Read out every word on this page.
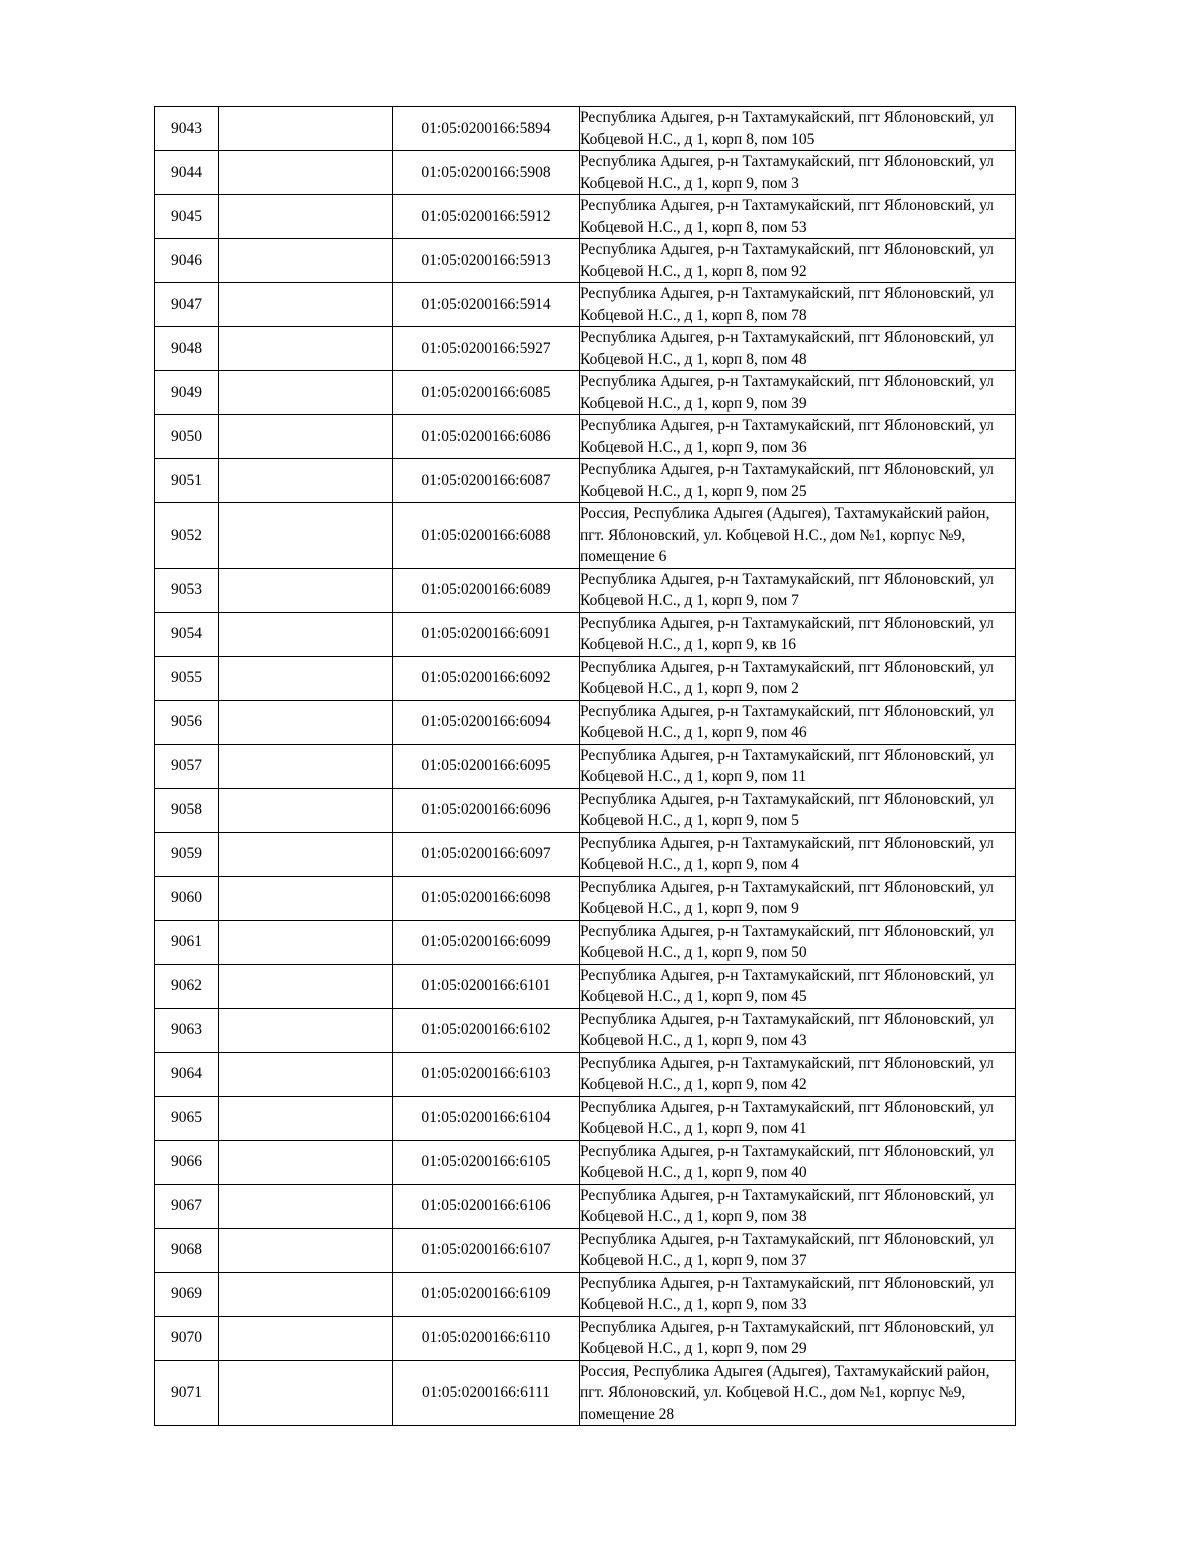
9043		01:05:0200166:5894	Республика Адыгея, р-н Тахтамукайский, пгт Яблоновский, ул Кобцевой Н.С., д 1, корп 8, пом 105
9044		01:05:0200166:5908	Республика Адыгея, р-н Тахтамукайский, пгт Яблоновский, ул Кобцевой Н.С., д 1, корп 9, пом 3
9045		01:05:0200166:5912	Республика Адыгея, р-н Тахтамукайский, пгт Яблоновский, ул Кобцевой Н.С., д 1, корп 8, пом 53
9046		01:05:0200166:5913	Республика Адыгея, р-н Тахтамукайский, пгт Яблоновский, ул Кобцевой Н.С., д 1, корп 8, пом 92
9047		01:05:0200166:5914	Республика Адыгея, р-н Тахтамукайский, пгт Яблоновский, ул Кобцевой Н.С., д 1, корп 8, пом 78
9048		01:05:0200166:5927	Республика Адыгея, р-н Тахтамукайский, пгт Яблоновский, ул Кобцевой Н.С., д 1, корп 8, пом 48
9049		01:05:0200166:6085	Республика Адыгея, р-н Тахтамукайский, пгт Яблоновский, ул Кобцевой Н.С., д 1, корп 9, пом 39
9050		01:05:0200166:6086	Республика Адыгея, р-н Тахтамукайский, пгт Яблоновский, ул Кобцевой Н.С., д 1, корп 9, пом 36
9051		01:05:0200166:6087	Республика Адыгея, р-н Тахтамукайский, пгт Яблоновский, ул Кобцевой Н.С., д 1, корп 9, пом 25
9052		01:05:0200166:6088	Россия, Республика Адыгея (Адыгея), Тахтамукайский район, пгт. Яблоновский, ул. Кобцевой Н.С., дом №1, корпус №9, помещение 6
9053		01:05:0200166:6089	Республика Адыгея, р-н Тахтамукайский, пгт Яблоновский, ул Кобцевой Н.С., д 1, корп 9, пом 7
9054		01:05:0200166:6091	Республика Адыгея, р-н Тахтамукайский, пгт Яблоновский, ул Кобцевой Н.С., д 1, корп 9, кв 16
9055		01:05:0200166:6092	Республика Адыгея, р-н Тахтамукайский, пгт Яблоновский, ул Кобцевой Н.С., д 1, корп 9, пом 2
9056		01:05:0200166:6094	Республика Адыгея, р-н Тахтамукайский, пгт Яблоновский, ул Кобцевой Н.С., д 1, корп 9, пом 46
9057		01:05:0200166:6095	Республика Адыгея, р-н Тахтамукайский, пгт Яблоновский, ул Кобцевой Н.С., д 1, корп 9, пом 11
9058		01:05:0200166:6096	Республика Адыгея, р-н Тахтамукайский, пгт Яблоновский, ул Кобцевой Н.С., д 1, корп 9, пом 5
9059		01:05:0200166:6097	Республика Адыгея, р-н Тахтамукайский, пгт Яблоновский, ул Кобцевой Н.С., д 1, корп 9, пом 4
9060		01:05:0200166:6098	Республика Адыгея, р-н Тахтамукайский, пгт Яблоновский, ул Кобцевой Н.С., д 1, корп 9, пом 9
9061		01:05:0200166:6099	Республика Адыгея, р-н Тахтамукайский, пгт Яблоновский, ул Кобцевой Н.С., д 1, корп 9, пом 50
9062		01:05:0200166:6101	Республика Адыгея, р-н Тахтамукайский, пгт Яблоновский, ул Кобцевой Н.С., д 1, корп 9, пом 45
9063		01:05:0200166:6102	Республика Адыгея, р-н Тахтамукайский, пгт Яблоновский, ул Кобцевой Н.С., д 1, корп 9, пом 43
9064		01:05:0200166:6103	Республика Адыгея, р-н Тахтамукайский, пгт Яблоновский, ул Кобцевой Н.С., д 1, корп 9, пом 42
9065		01:05:0200166:6104	Республика Адыгея, р-н Тахтамукайский, пгт Яблоновский, ул Кобцевой Н.С., д 1, корп 9, пом 41
9066		01:05:0200166:6105	Республика Адыгея, р-н Тахтамукайский, пгт Яблоновский, ул Кобцевой Н.С., д 1, корп 9, пом 40
9067		01:05:0200166:6106	Республика Адыгея, р-н Тахтамукайский, пгт Яблоновский, ул Кобцевой Н.С., д 1, корп 9, пом 38
9068		01:05:0200166:6107	Республика Адыгея, р-н Тахтамукайский, пгт Яблоновский, ул Кобцевой Н.С., д 1, корп 9, пом 37
9069		01:05:0200166:6109	Республика Адыгея, р-н Тахтамукайский, пгт Яблоновский, ул Кобцевой Н.С., д 1, корп 9, пом 33
9070		01:05:0200166:6110	Республика Адыгея, р-н Тахтамукайский, пгт Яблоновский, ул Кобцевой Н.С., д 1, корп 9, пом 29
9071		01:05:0200166:6111	Россия, Республика Адыгея (Адыгея), Тахтамукайский район, пгт. Яблоновский, ул. Кобцевой Н.С., дом №1, корпус №9, помещение 28
